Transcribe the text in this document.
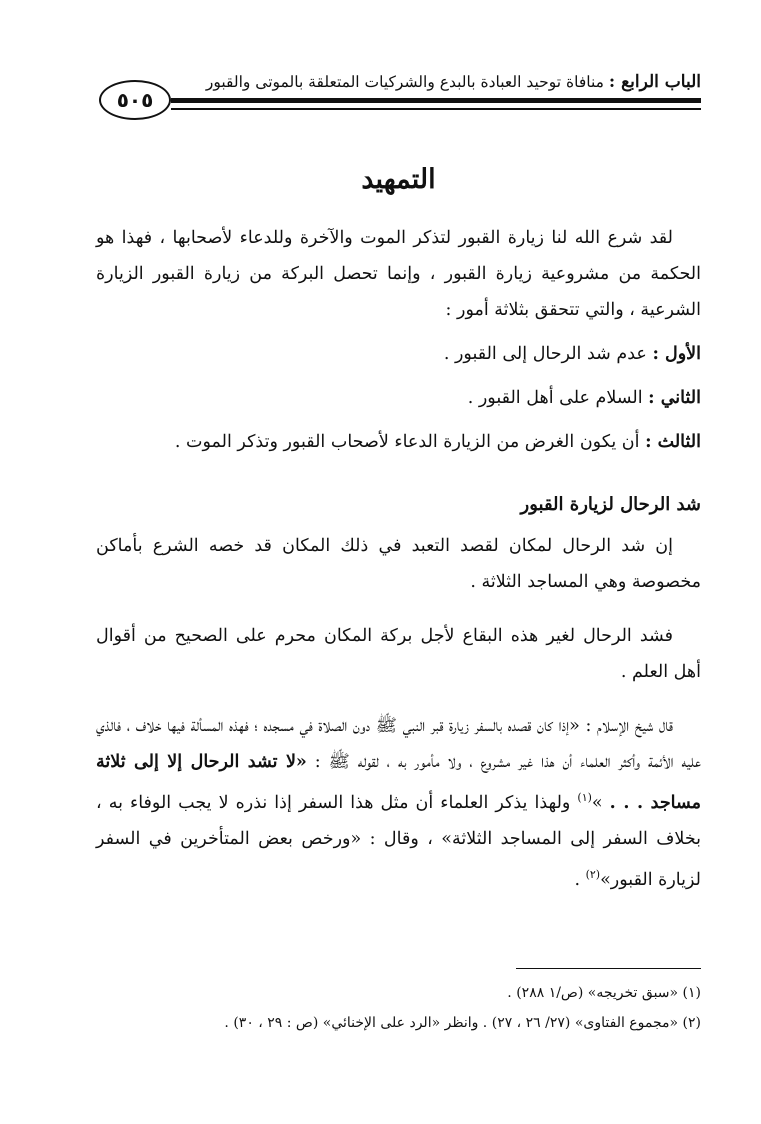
٥٠٥
الباب الرابع : منافاة توحيد العبادة بالبدع والشركيات المتعلقة بالموتى والقبور
التمهيد

لقد شرع الله لنا زيارة القبور لتذكر الموت والآخرة وللدعاء لأصحابها ، فهذا هو الحكمة من مشروعية زيارة القبور ، وإنما تحصل البركة من زيارة القبور الزيارة الشرعية ، والتي تتحقق بثلاثة أمور :

الأول : عدم شد الرحال إلى القبور .

الثاني : السلام على أهل القبور .

الثالث : أن يكون الغرض من الزيارة الدعاء لأصحاب القبور وتذكر الموت .

شد الرحال لزيارة القبور

إن شد الرحال لمكان لقصد التعبد في ذلك المكان قد خصه الشرع بأماكن مخصوصة وهي المساجد الثلاثة .

فشد الرحال لغير هذه البقاع لأجل بركة المكان محرم على الصحيح من أقوال أهل العلم .

قال شيخ الإسلام : «إذا كان قصده بالسفر زيارة قبر النبي ﷺ دون الصلاة في مسجده ؛ فهذه المسألة فيها خلاف ، فالذي عليه الأئمة وأكثر العلماء أن هذا غير مشروع ، ولا مأمور به ، لقوله ﷺ : «لا تشد الرحال إلا إلى ثلاثة مساجد . . . »$^{(١)}$ ولهذا يذكر العلماء أن مثل هذا السفر إذا نذره لا يجب الوفاء به ، بخلاف السفر إلى المساجد الثلاثة» ، وقال : «ورخص بعض المتأخرين في السفر لزيارة القبور»$^{(٢)}$ .

(١) «سبق تخريجه» (ص/١ ٢٨٨) .
(٢) «مجموع الفتاوى» (٢٧/ ٢٦ ، ٢٧) . وانظر «الرد على الإخنائي» (ص : ٢٩ ، ٣٠) .
